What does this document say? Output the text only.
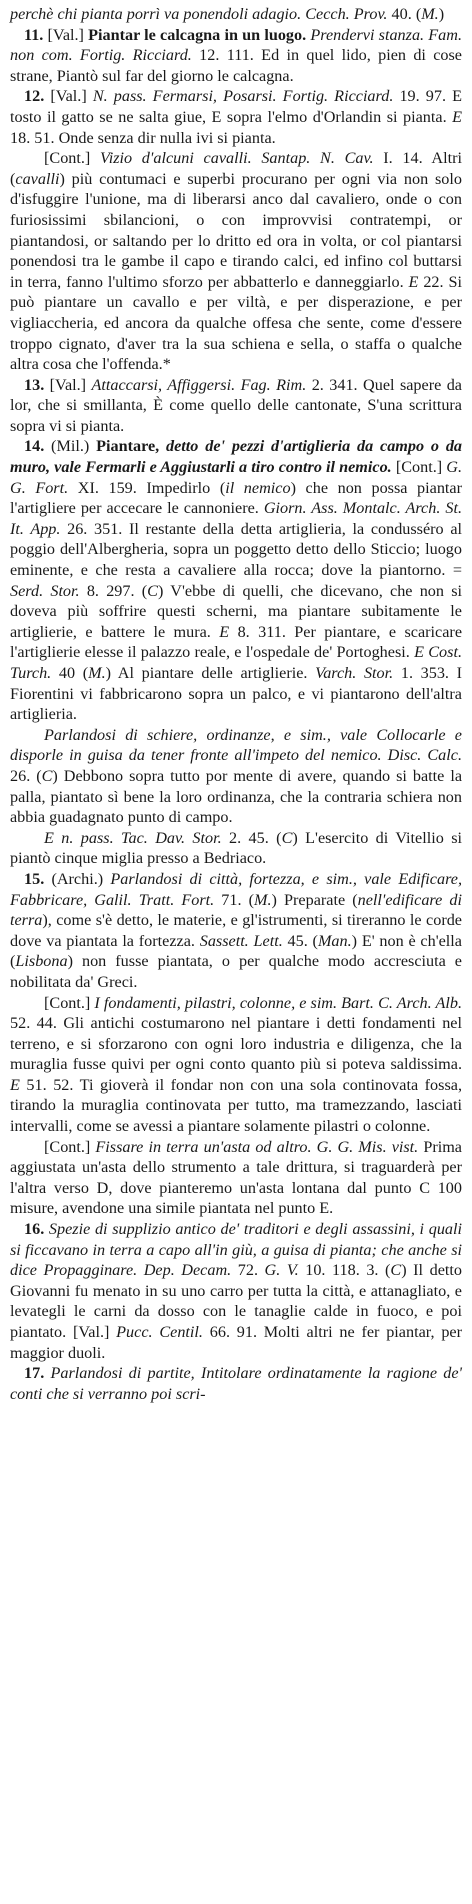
perchè chi pianta porrì va ponendoli adagio. Cecch. Prov. 40. (M.)

11. [Val.] Piantar le calcagna in un luogo. Prendervi stanza. Fam. non com. Fortig. Ricciard. 12. 111. Ed in quel lido, pien di cose strane, Piantò sul far del giorno le calcagna.

12. [Val.] N. pass. Fermarsi, Posarsi. Fortig. Ricciard. 19. 97. E tosto il gatto se ne salta giue, E sopra l'elmo d'Orlandin si pianta. E 18. 51. Onde senza dir nulla ivi si pianta.

[Cont.] Vizio d'alcuni cavalli. Santap. N. Cav. I. 14. Altri (cavalli) più contumaci e superbi procurano per ogni via non solo d'isfuggire l'unione, ma di liberarsi anco dal cavaliero, onde o con furiosissimi sbilancioni, o con improvvisi contratempi, or piantandosi, or saltando per lo dritto ed ora in volta, or col piantarsi ponendosi tra le gambe il capo e tirando calci, ed infino col buttarsi in terra, fanno l'ultimo sforzo per abbatterlo e danneggiarlo. E 22. Si può piantare un cavallo e per viltà, e per disperazione, e per vigliaccheria, ed ancora da qualche offesa che sente, come d'essere troppo cignato, d'aver tra la sua schiena e sella, o staffa o qualche altra cosa che l'offenda.*

13. [Val.] Attaccarsi, Affiggersi. Fag. Rim. 2. 341. Quel sapere da lor, che si smillanta, È come quello delle cantonate, S'una scrittura sopra vi si pianta.

14. (Mil.) Piantare, detto de' pezzi d'artiglieria da campo o da muro, vale Fermarli e Aggiustarli a tiro contro il nemico. [Cont.] G. G. Fort. XI. 159. Impedirlo (il nemico) che non possa piantar l'artigliere per accecare le cannoniere. Giorn. Ass. Montalc. Arch. St. It. App. 26. 351. Il restante della detta artiglieria, la condusséro al poggio dell'Albergheria, sopra un poggetto detto dello Sticcio; luogo eminente, e che resta a cavaliere alla rocca; dove la piantorno. = Serd. Stor. 8. 297. (C) V'ebbe di quelli, che dicevano, che non si doveva più soffrire questi scherni, ma piantare subitamente le artiglierie, e battere le mura. E 8. 311. Per piantare, e scaricare l'artiglierie elesse il palazzo reale, e l'ospedale de' Portoghesi. E Cost. Turch. 40 (M.) Al piantare delle artiglierie. Varch. Stor. 1. 353. I Fiorentini vi fabbricarono sopra un palco, e vi piantarono dell'altra artiglieria.

Parlandosi di schiere, ordinanze, e sim., vale Collocarle e disporle in guisa da tener fronte all'impeto del nemico. Disc. Calc. 26. (C) Debbono sopra tutto por mente di avere, quando si batte la palla, piantato sì bene la loro ordinanza, che la contraria schiera non abbia guadagnato punto di campo.

E n. pass. Tac. Dav. Stor. 2. 45. (C) L'esercito di Vitellio si piantò cinque miglia presso a Bedriaco.

15. (Archi.) Parlandosi di città, fortezza, e sim., vale Edificare, Fabbricare, Galil. Tratt. Fort. 71. (M.) Preparate (nell'edificare di terra), come s'è detto, le materie, e gl'istrumenti, si tireranno le corde dove va piantata la fortezza. Sassett. Lett. 45. (Man.) E' non è ch'ella (Lisbona) non fusse piantata, o per qualche modo accresciuta e nobilitata da' Greci.

[Cont.] I fondamenti, pilastri, colonne, e sim. Bart. C. Arch. Alb. 52. 44. Gli antichi costumarono nel piantare i detti fondamenti nel terreno, e si sforzarono con ogni loro industria e diligenza, che la muraglia fusse quivi per ogni conto quanto più si poteva saldissima. E 51. 52. Ti gioverà il fondar non con una sola continovata fossa, tirando la muraglia continovata per tutto, ma tramezzando, lasciati intervalli, come se avessi a piantare solamente pilastri o colonne.

[Cont.] Fissare in terra un'asta od altro. G. G. Mis. vist. Prima aggiustata un'asta dello strumento a tale drittura, si traguarderà per l'altra verso D, dove pianteremo un'asta lontana dal punto C 100 misure, avendone una simile piantata nel punto E.

16. Spezie di supplizio antico de' traditori e degli assassini, i quali si ficcavano in terra a capo all'in giù, a guisa di pianta; che anche si dice Propagginare. Dep. Decam. 72. G. V. 10. 118. 3. (C) Il detto Giovanni fu menato in su uno carro per tutta la città, e attanagliato, e levategli le carni da dosso con le tanaglie calde in fuoco, e poi piantato. [Val.] Pucc. Centil. 66. 91. Molti altri ne fer piantar, per maggior duoli.

17. Parlandosi di partite, Intitolare ordinatamente la ragione de' conti che si verranno poi scri-
